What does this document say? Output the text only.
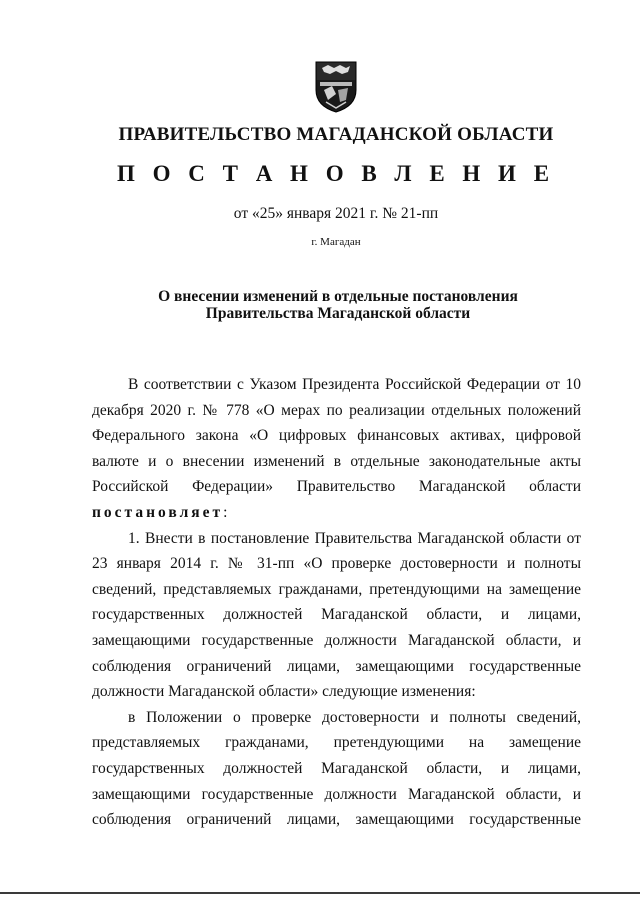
ПРАВИТЕЛЬСТВО МАГАДАНСКОЙ ОБЛАСТИ
П О С Т А Н О В Л Е Н И Е
от «25» января 2021 г. № 21-пп
г. Магадан
О внесении изменений в отдельные постановления
Правительства Магаданской области
В соответствии с Указом Президента Российской Федерации от 10 декабря 2020 г. № 778 «О мерах по реализации отдельных положений Федерального закона «О цифровых финансовых активах, цифровой валюте и о внесении изменений в отдельные законодательные акты Российской Федерации» Правительство Магаданской области постановляет:
1. Внести в постановление Правительства Магаданской области от 23 января 2014 г. № 31-пп «О проверке достоверности и полноты сведений, представляемых гражданами, претендующими на замещение государственных должностей Магаданской области, и лицами, замещающими государственные должности Магаданской области, и соблюдения ограничений лицами, замещающими государственные должности Магаданской области» следующие изменения:
в Положении о проверке достоверности и полноты сведений, представляемых гражданами, претендующими на замещение государственных должностей Магаданской области, и лицами, замещающими государственные должности Магаданской области, и соблюдения ограничений лицами, замещающими государственные
